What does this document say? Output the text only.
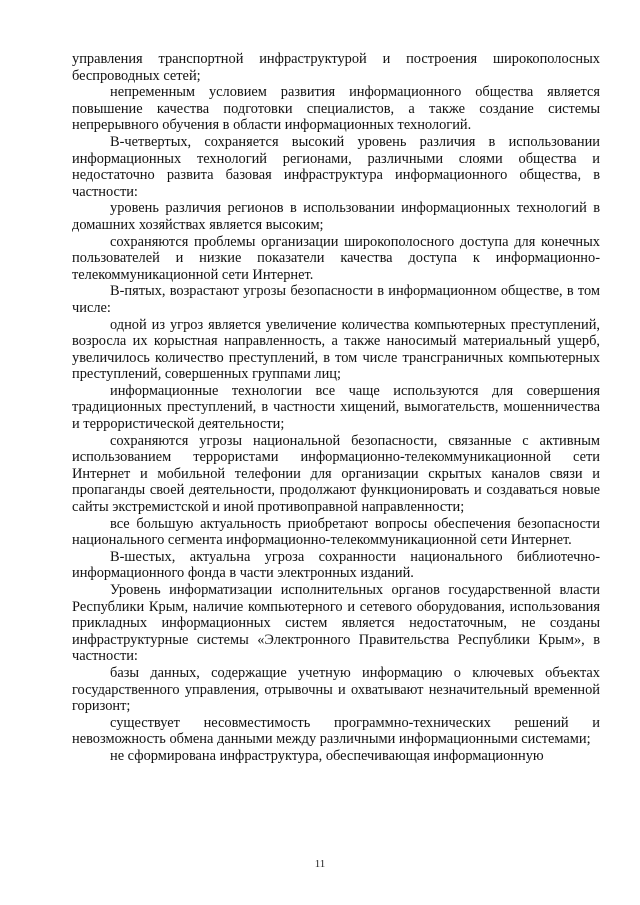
управления транспортной инфраструктурой и построения широкополосных беспроводных сетей;

непременным условием развития информационного общества является повышение качества подготовки специалистов, а также создание системы непрерывного обучения в области информационных технологий.

В-четвертых, сохраняется высокий уровень различия в использовании информационных технологий регионами, различными слоями общества и недостаточно развита базовая инфраструктура информационного общества, в частности:

уровень различия регионов в использовании информационных технологий в домашних хозяйствах является высоким;

сохраняются проблемы организации широкополосного доступа для конечных пользователей и низкие показатели качества доступа к информационно-телекоммуникационной сети Интернет.

В-пятых, возрастают угрозы безопасности в информационном обществе, в том числе:

одной из угроз является увеличение количества компьютерных преступлений, возросла их корыстная направленность, а также наносимый материальный ущерб, увеличилось количество преступлений, в том числе трансграничных компьютерных преступлений, совершенных группами лиц;

информационные технологии все чаще используются для совершения традиционных преступлений, в частности хищений, вымогательств, мошенничества и террористической деятельности;

сохраняются угрозы национальной безопасности, связанные с активным использованием террористами информационно-телекоммуникационной сети Интернет и мобильной телефонии для организации скрытых каналов связи и пропаганды своей деятельности, продолжают функционировать и создаваться новые сайты экстремистской и иной противоправной направленности;

все большую актуальность приобретают вопросы обеспечения безопасности национального сегмента информационно-телекоммуникационной сети Интернет.

В-шестых, актуальна угроза сохранности национального библиотечно-информационного фонда в части электронных изданий.

Уровень информатизации исполнительных органов государственной власти Республики Крым, наличие компьютерного и сетевого оборудования, использования прикладных информационных систем является недостаточным, не созданы инфраструктурные системы «Электронного Правительства Республики Крым», в частности:

базы данных, содержащие учетную информацию о ключевых объектах государственного управления, отрывочны и охватывают незначительный временной горизонт;

существует несовместимость программно-технических решений и невозможность обмена данными между различными информационными системами;

не сформирована инфраструктура, обеспечивающая информационную

11
